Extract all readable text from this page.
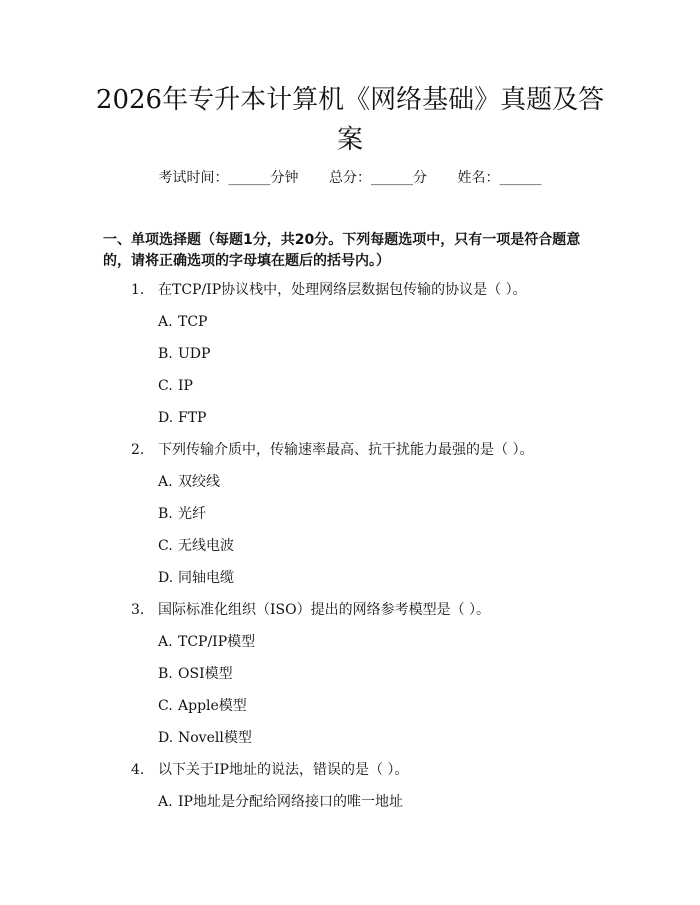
2026年专升本计算机《网络基础》真题及答
案
考试时间：______分钟 总分：______分 姓名：______
一、单项选择题（每题1分，共20分。下列每题选项中，只有一项是符合题意的，请将正确选项的字母填在题后的括号内。）
1. 在TCP/IP协议栈中，处理网络层数据包传输的协议是（ ）。
A. TCP
B. UDP
C. IP
D. FTP
2. 下列传输介质中，传输速率最高、抗干扰能力最强的是（ ）。
A. 双绞线
B. 光纤
C. 无线电波
D. 同轴电缆
3. 国际标准化组织（ISO）提出的网络参考模型是（ ）。
A. TCP/IP模型
B. OSI模型
C. Apple模型
D. Novell模型
4. 以下关于IP地址的说法，错误的是（ ）。
A. IP地址是分配给网络接口的唯一地址
